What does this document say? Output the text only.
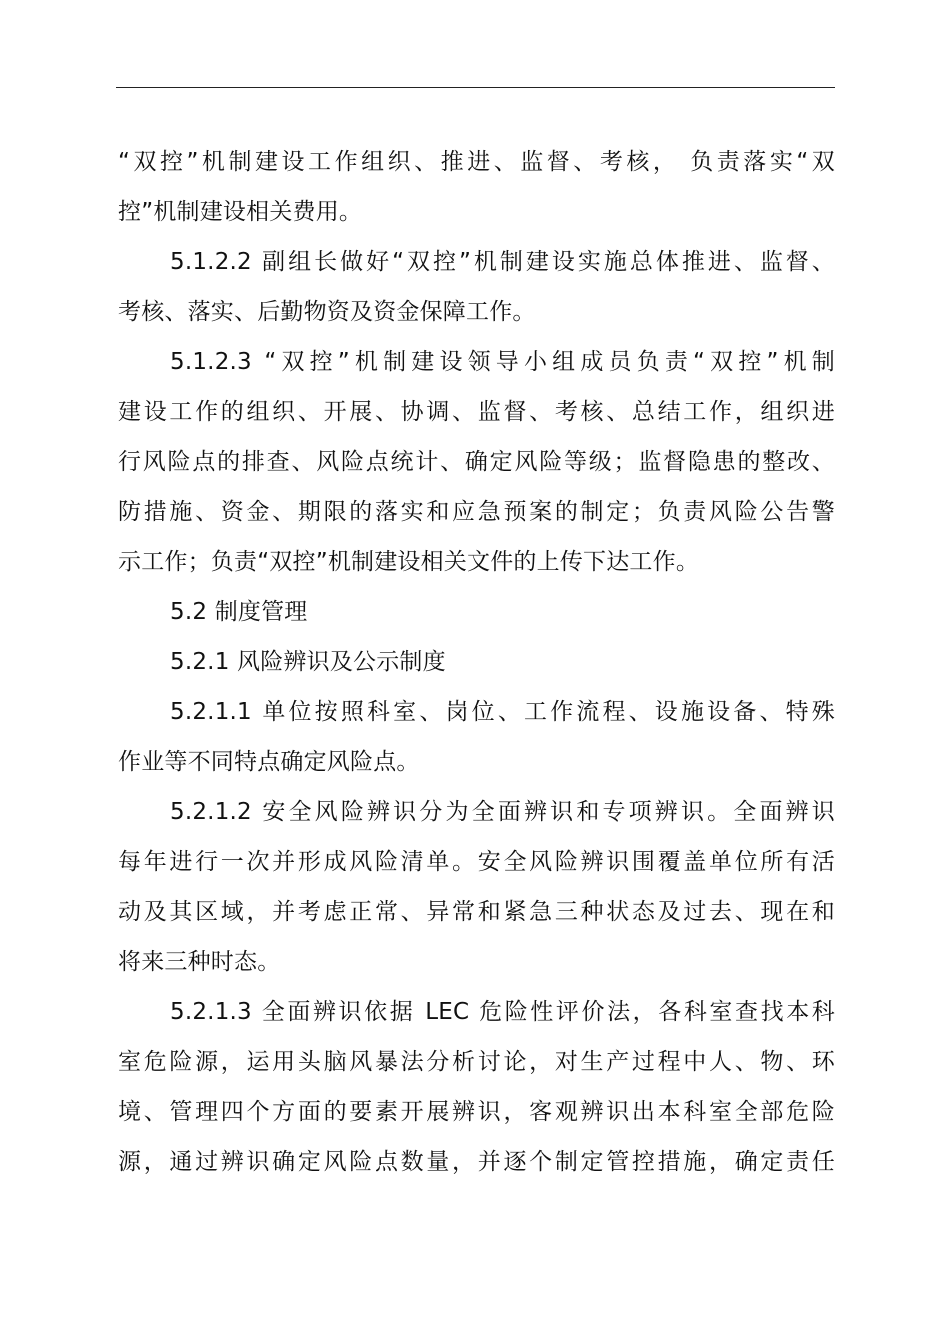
“双控”机制建设工作组织、推进、监督、考核， 负责落实“双
控”机制建设相关费用。
5.1.2.2 副组长做好“双控”机制建设实施总体推进、监督、
考核、落实、后勤物资及资金保障工作。
5.1.2.3 “双控”机制建设领导小组成员负责“双控”机制
建设工作的组织、开展、协调、监督、考核、总结工作，组织进
行风险点的排查、风险点统计、确定风险等级；监督隐患的整改、
防措施、资金、期限的落实和应急预案的制定；负责风险公告警
示工作；负责“双控”机制建设相关文件的上传下达工作。
5.2 制度管理
5.2.1 风险辨识及公示制度
5.2.1.1 单位按照科室、岗位、工作流程、设施设备、特殊
作业等不同特点确定风险点。
5.2.1.2 安全风险辨识分为全面辨识和专项辨识。全面辨识
每年进行一次并形成风险清单。安全风险辨识围覆盖单位所有活
动及其区域，并考虑正常、异常和紧急三种状态及过去、现在和
将来三种时态。
5.2.1.3 全面辨识依据 LEC 危险性评价法，各科室查找本科
室危险源，运用头脑风暴法分析讨论，对生产过程中人、物、环
境、管理四个方面的要素开展辨识，客观辨识出本科室全部危险
源，通过辨识确定风险点数量，并逐个制定管控措施，确定责任
